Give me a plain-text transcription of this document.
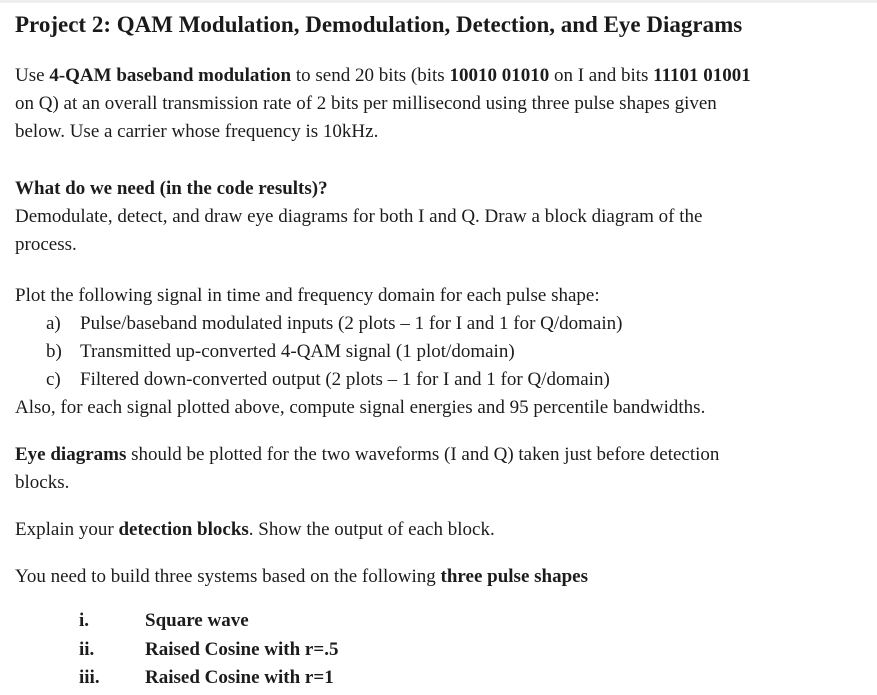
Project 2: QAM Modulation, Demodulation, Detection, and Eye Diagrams
Use 4-QAM baseband modulation to send 20 bits (bits 10010 01010 on I and bits 11101 01001
on Q) at an overall transmission rate of 2 bits per millisecond using three pulse shapes given
below. Use a carrier whose frequency is 10kHz.
What do we need (in the code results)?
Demodulate, detect, and draw eye diagrams for both I and Q. Draw a block diagram of the
process.
Plot the following signal in time and frequency domain for each pulse shape:
a)	Pulse/baseband modulated inputs (2 plots – 1 for I and 1 for Q/domain)
b) Transmitted up-converted 4-QAM signal (1 plot/domain)
c)	Filtered down-converted output (2 plots – 1 for I and 1 for Q/domain)
Also, for each signal plotted above, compute signal energies and 95 percentile bandwidths.
Eye diagrams should be plotted for the two waveforms (I and Q) taken just before detection
blocks.
Explain your detection blocks. Show the output of each block.
You need to build three systems based on the following three pulse shapes
i.	Square wave
ii.	Raised Cosine with r=.5
iii. Raised Cosine with r=1
